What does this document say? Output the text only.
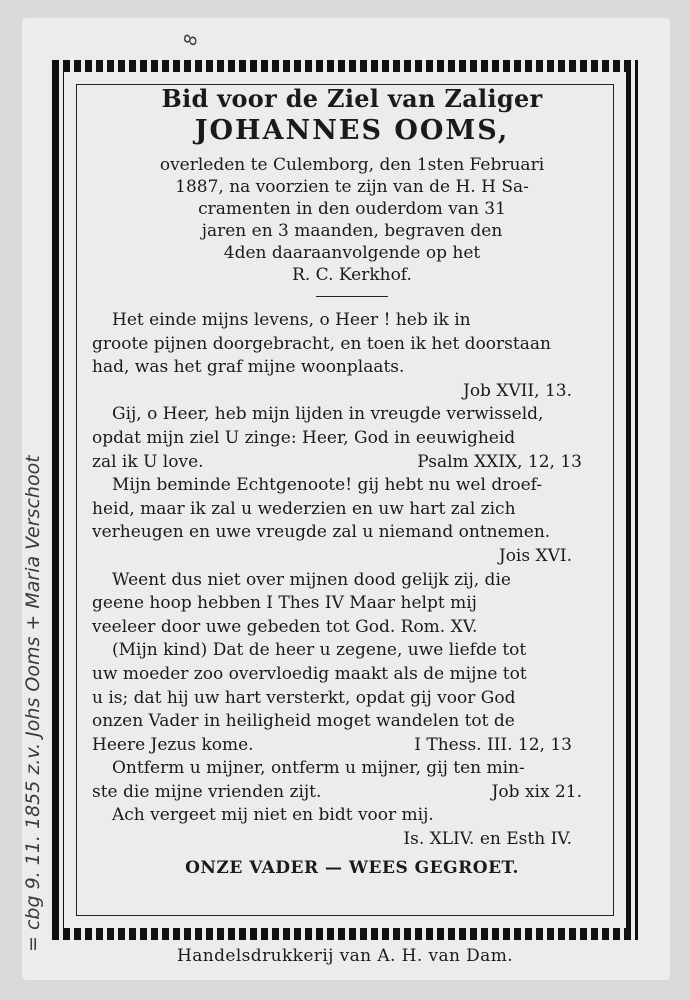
8
= cbg 9. 11. 1855 z.v. Johs Ooms + Maria Verschoot
Bid voor de Ziel van Zaliger
JOHANNES OOMS,

overleden te Culemborg, den 1sten Februari

1887, na voorzien te zijn van de H. H Sa-

cramenten in den ouderdom van 31

jaren en 3 maanden, begraven den

4den daaraanvolgende op het

R. C. Kerkhof.

Het einde mijns levens, o Heer ! heb ik in

groote pijnen doorgebracht, en toen ik het doorstaan

had, was het graf mijne woonplaats.

Job XVII, 13.

Gij, o Heer, heb mijn lijden in vreugde verwisseld,

opdat mijn ziel U zinge: Heer, God in eeuwigheid

zal ik U love.	Psalm XXIX, 12, 13

Mijn beminde Echtgenoote! gij hebt nu wel droef-

heid, maar ik zal u wederzien en uw hart zal zich

verheugen en uwe vreugde zal u niemand ontnemen.

Jois XVI.

Weent dus niet over mijnen dood gelijk zij, die

geene hoop hebben I Thes IV Maar helpt mij

veeleer door uwe gebeden tot God. Rom. XV.

(Mijn kind) Dat de heer u zegene, uwe liefde tot

uw moeder zoo overvloedig maakt als de mijne tot

u is; dat hij uw hart versterkt, opdat gij voor God

onzen Vader in heiligheid moget wandelen tot de

Heere Jezus kome.	I Thess. III. 12, 13

Ontferm u mijner, ontferm u mijner, gij ten min-

ste die mijne vrienden zijt.	Job xix 21.

Ach vergeet mij niet en bidt voor mij.

Is. XLIV. en Esth IV.

ONZE VADER — WEES GEGROET.
Handelsdrukkerij van A. H. van Dam.
